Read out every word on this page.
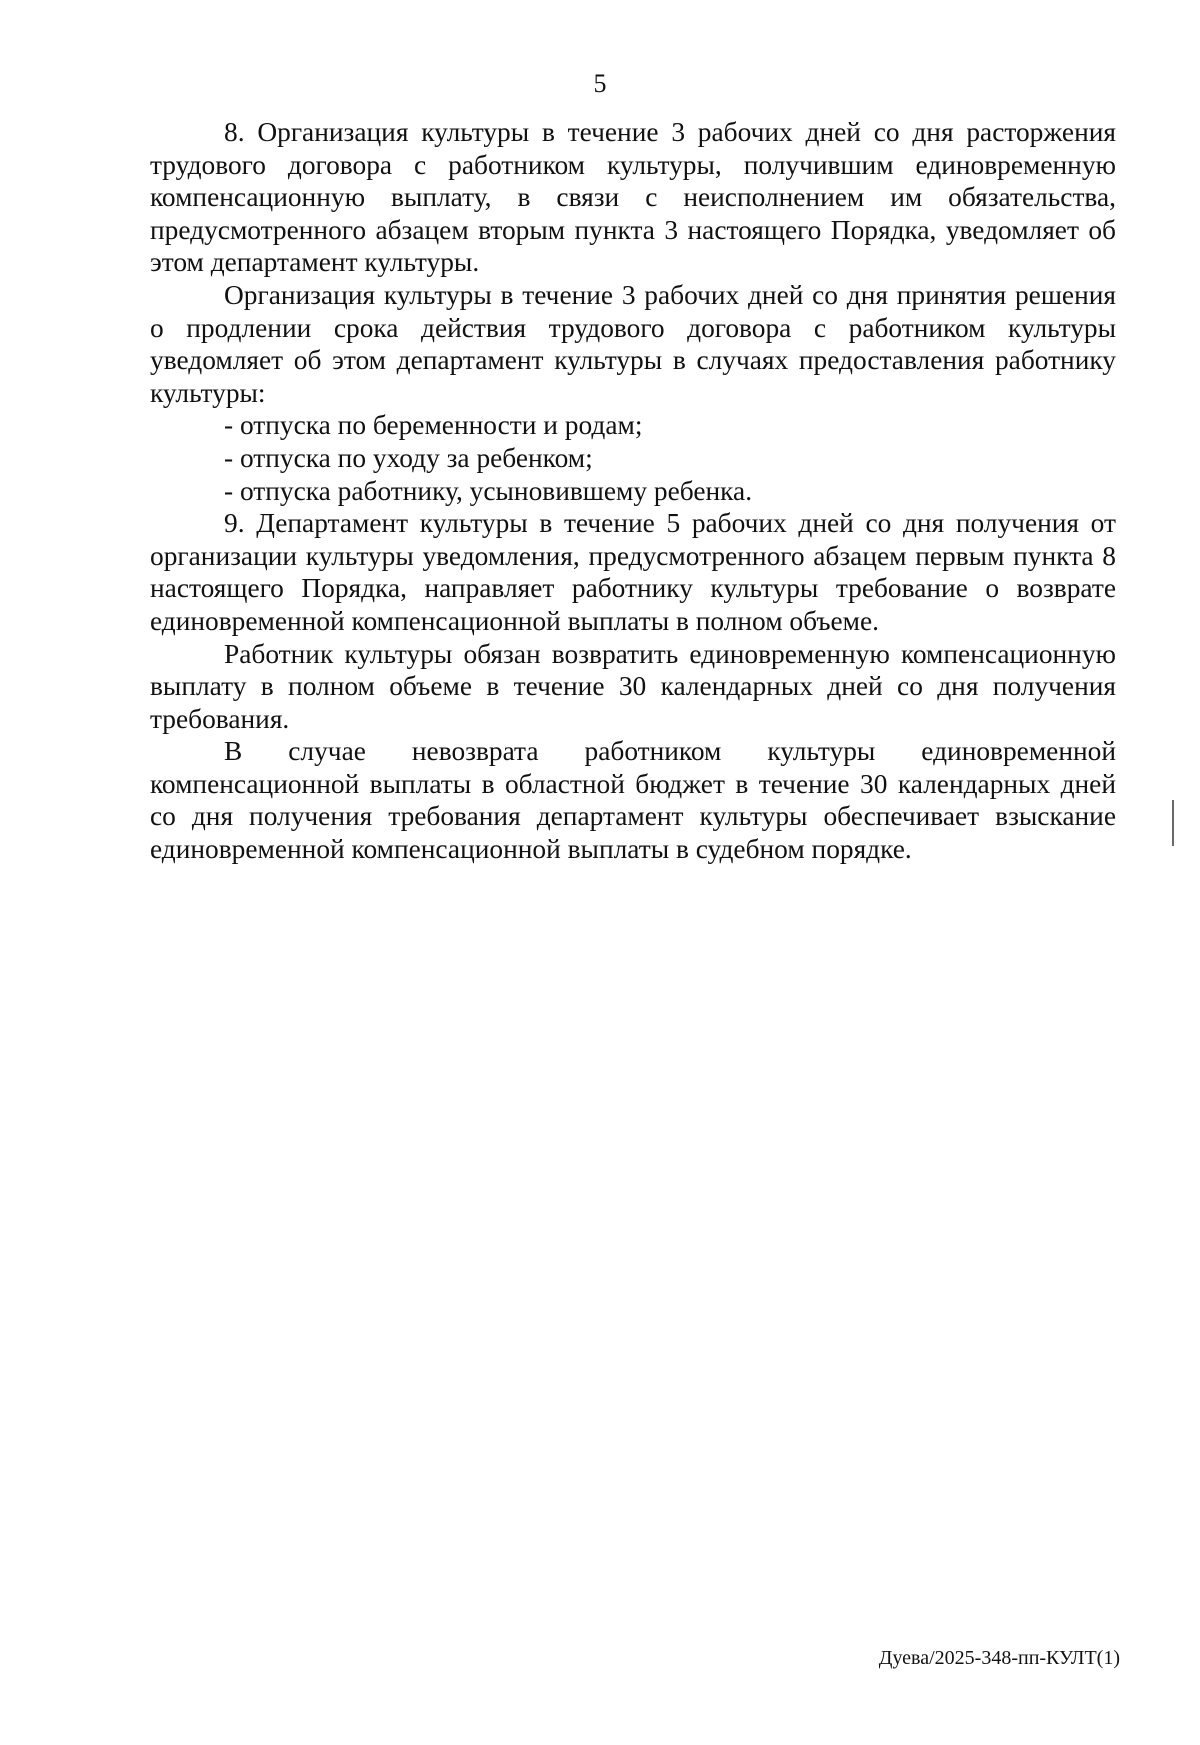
5

8. Организация культуры в течение 3 рабочих дней со дня расторжения трудового договора с работником культуры, получившим единовременную компенсационную выплату, в связи с неисполнением им обязательства, предусмотренного абзацем вторым пункта 3 настоящего Порядка, уведомляет об этом департамент культуры.

Организация культуры в течение 3 рабочих дней со дня принятия решения о продлении срока действия трудового договора с работником культуры уведомляет об этом департамент культуры в случаях предоставления работнику культуры:

- отпуска по беременности и родам;

- отпуска по уходу за ребенком;

- отпуска работнику, усыновившему ребенка.

9. Департамент культуры в течение 5 рабочих дней со дня получения от организации культуры уведомления, предусмотренного абзацем первым пункта 8 настоящего Порядка, направляет работнику культуры требование о возврате единовременной компенсационной выплаты в полном объеме.

Работник культуры обязан возвратить единовременную компенсационную выплату в полном объеме в течение 30 календарных дней со дня получения требования.

В случае невозврата работником культуры единовременной компенсационной выплаты в областной бюджет в течение 30 календарных дней со дня получения требования департамент культуры обеспечивает взыскание единовременной компенсационной выплаты в судебном порядке.

Дуева/2025-348-пп-КУЛТ(1)
